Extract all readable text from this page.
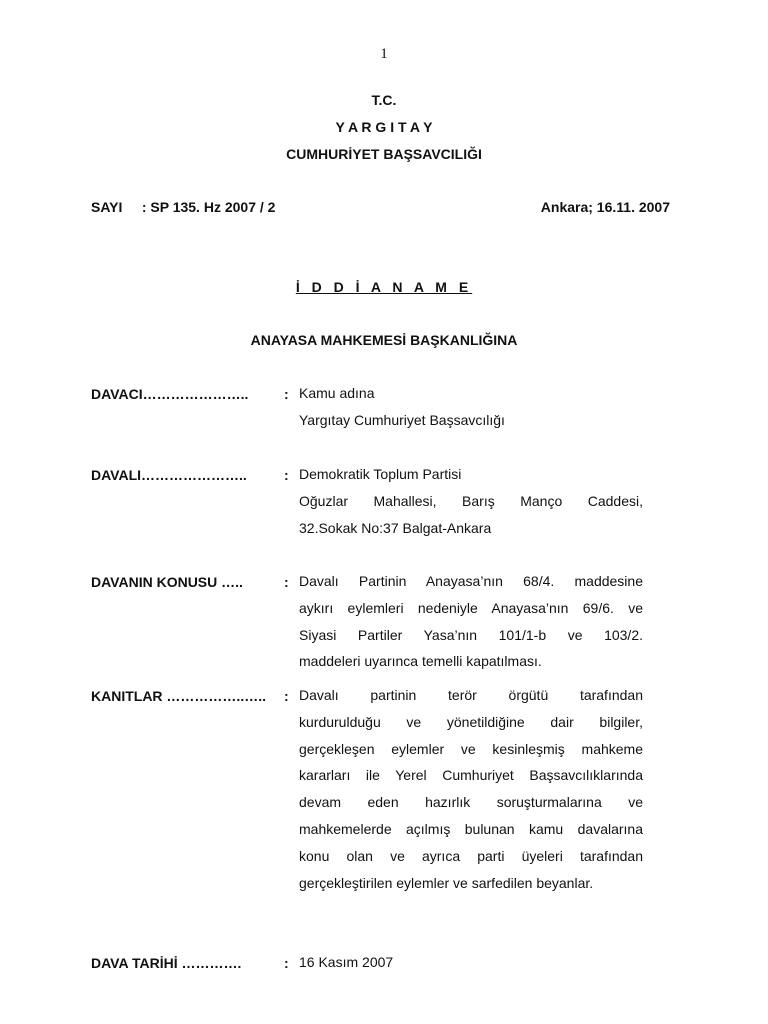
1
T.C.
Y A R G I T A Y
CUMHURİYET BAŞSAVCILIĞI
SAYI     : SP 135. Hz 2007 / 2	Ankara; 16.11. 2007
İ D D İ A N A M E
ANAYASA MAHKEMESİ BAŞKANLIĞINA
DAVACI…………………..	: Kamu adına
Yargıtay Cumhuriyet Başsavcılığı
DAVALI…………………..	: Demokratik Toplum Partisi
Oğuzlar Mahallesi, Barış Manço Caddesi,
32.Sokak No:37 Balgat-Ankara
DAVANIN KONUSU …..	: Davalı Partinin Anayasa’nın 68/4. maddesine
aykırı eylemleri nedeniyle Anayasa’nın 69/6. ve
Siyasi Partiler Yasa’nın 101/1-b ve 103/2.
maddeleri uyarınca temelli kapatılması.
KANITLAR ……………..….. : Davalı partinin terör örgütü tarafından
kurdurulduğu ve yönetildiğine dair bilgiler,
gerçekleşen eylemler ve kesinleşmiş mahkeme
kararları ile Yerel Cumhuriyet Başsavcılıklarında
devam eden hazırlık soruşturmalarına ve
mahkemelerde açılmış bulunan kamu davalarına
konu olan ve ayrıca parti üyeleri tarafından
gerçekleştirilen eylemler ve sarfedilen beyanlar.
DAVA TARİHİ ………….	: 16 Kasım 2007
